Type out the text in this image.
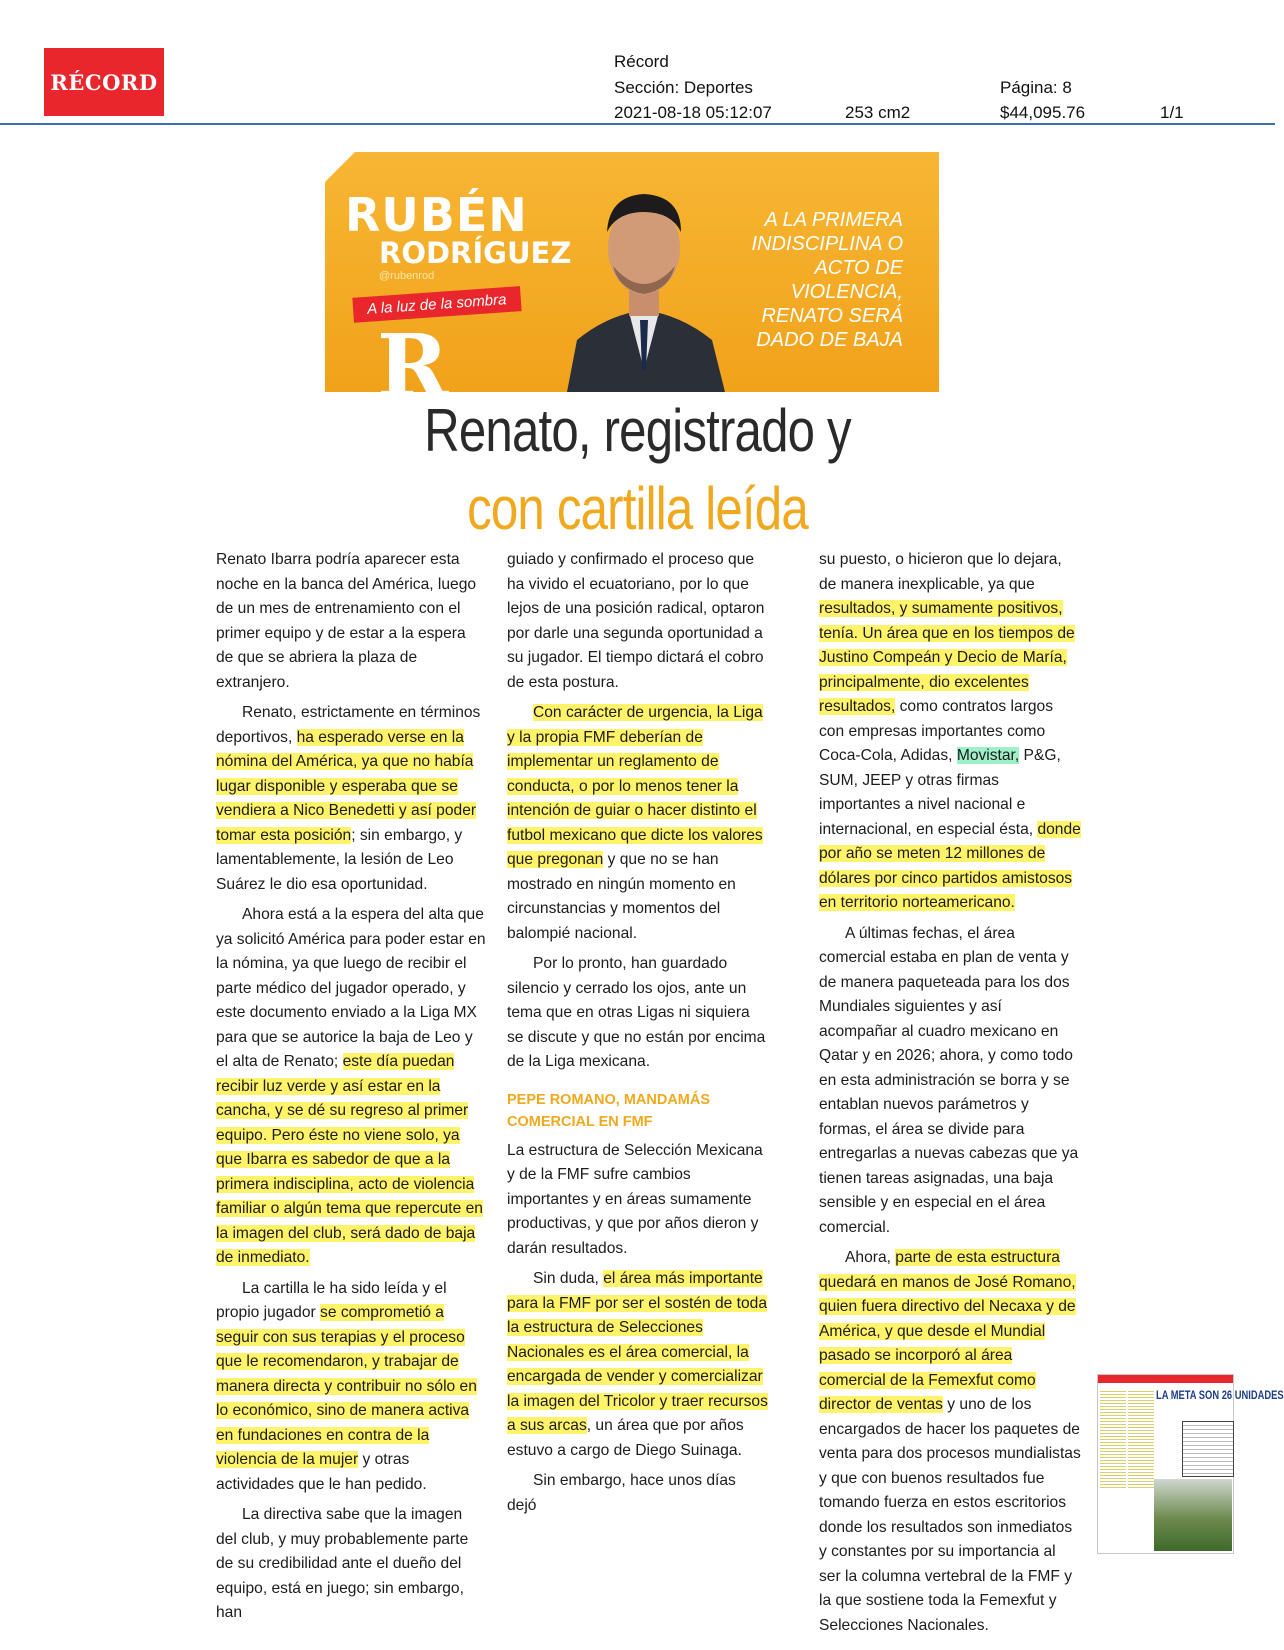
RÉCORD
Récord
Sección: Deportes
2021-08-18 05:12:07	253 cm2
Página: 8
$44,095.76	1/1
RUBÉN
RODRÍGUEZ
@rubenrod
A la luz de la sombra
R
A LA PRIMERA INDISCIPLINA O ACTO DE VIOLENCIA, RENATO SERÁ DADO DE BAJA
Renato, registrado y
con cartilla leída

Renato Ibarra podría aparecer esta noche en la banca del América, luego de un mes de entrenamiento con el primer equipo y de estar a la espera de que se abriera la plaza de extranjero.

Renato, estrictamente en términos deportivos, ha esperado verse en la nómina del América, ya que no había lugar disponible y esperaba que se vendiera a Nico Benedetti y así poder tomar esta posición; sin embargo, y lamentablemente, la lesión de Leo Suárez le dio esa oportunidad.

Ahora está a la espera del alta que ya solicitó América para poder estar en la nómina, ya que luego de recibir el parte médico del jugador operado, y este documento enviado a la Liga MX para que se autorice la baja de Leo y el alta de Renato; este día puedan recibir luz verde y así estar en la cancha, y se dé su regreso al primer equipo. Pero éste no viene solo, ya que Ibarra es sabedor de que a la primera indisciplina, acto de violencia familiar o algún tema que repercute en la imagen del club, será dado de baja de inmediato.

La cartilla le ha sido leída y el propio jugador se comprometió a seguir con sus terapias y el proceso que le recomendaron, y trabajar de manera directa y contribuir no sólo en lo económico, sino de manera activa en fundaciones en contra de la violencia de la mujer y otras actividades que le han pedido.

La directiva sabe que la imagen del club, y muy probablemente parte de su credibilidad ante el dueño del equipo, está en juego; sin embargo, han

guiado y confirmado el proceso que ha vivido el ecuatoriano, por lo que lejos de una posición radical, optaron por darle una segunda oportunidad a su jugador. El tiempo dictará el cobro de esta postura.

Con carácter de urgencia, la Liga y la propia FMF deberían de implementar un reglamento de conducta, o por lo menos tener la intención de guiar o hacer distinto el futbol mexicano que dicte los valores que pregonan y que no se han mostrado en ningún momento en circunstancias y momentos del balompié nacional.

Por lo pronto, han guardado silencio y cerrado los ojos, ante un tema que en otras Ligas ni siquiera se discute y que no están por encima de la Liga mexicana.

PEPE ROMANO, MANDAMÁS COMERCIAL EN FMF

La estructura de Selección Mexicana y de la FMF sufre cambios importantes y en áreas sumamente productivas, y que por años dieron y darán resultados.

Sin duda, el área más importante para la FMF por ser el sostén de toda la estructura de Selecciones Nacionales es el área comercial, la encargada de vender y comercializar la imagen del Tricolor y traer recursos a sus arcas, un área que por años estuvo a cargo de Diego Suinaga.

Sin embargo, hace unos días dejó

su puesto, o hicieron que lo dejara, de manera inexplicable, ya que resultados, y sumamente positivos, tenía. Un área que en los tiempos de Justino Compeán y Decio de María, principalmente, dio excelentes resultados, como contratos largos con empresas importantes como Coca-Cola, Adidas, Movistar, P&G, SUM, JEEP y otras firmas importantes a nivel nacional e internacional, en especial ésta, donde por año se meten 12 millones de dólares por cinco partidos amistosos en territorio norteamericano.

A últimas fechas, el área comercial estaba en plan de venta y de manera paqueteada para los dos Mundiales siguientes y así acompañar al cuadro mexicano en Qatar y en 2026; ahora, y como todo en esta administración se borra y se entablan nuevos parámetros y formas, el área se divide para entregarlas a nuevas cabezas que ya tienen tareas asignadas, una baja sensible y en especial en el área comercial.

Ahora, parte de esta estructura quedará en manos de José Romano, quien fuera directivo del Necaxa y de América, y que desde el Mundial pasado se incorporó al área comercial de la Femexfut como director de ventas y uno de los encargados de hacer los paquetes de venta para dos procesos mundialistas y que con buenos resultados fue tomando fuerza en estos escritorios donde los resultados son inmediatos y constantes por su importancia al ser la columna vertebral de la FMF y la que sostiene toda la Femexfut y Selecciones Nacionales.

LA META SON 26 UNIDADES
